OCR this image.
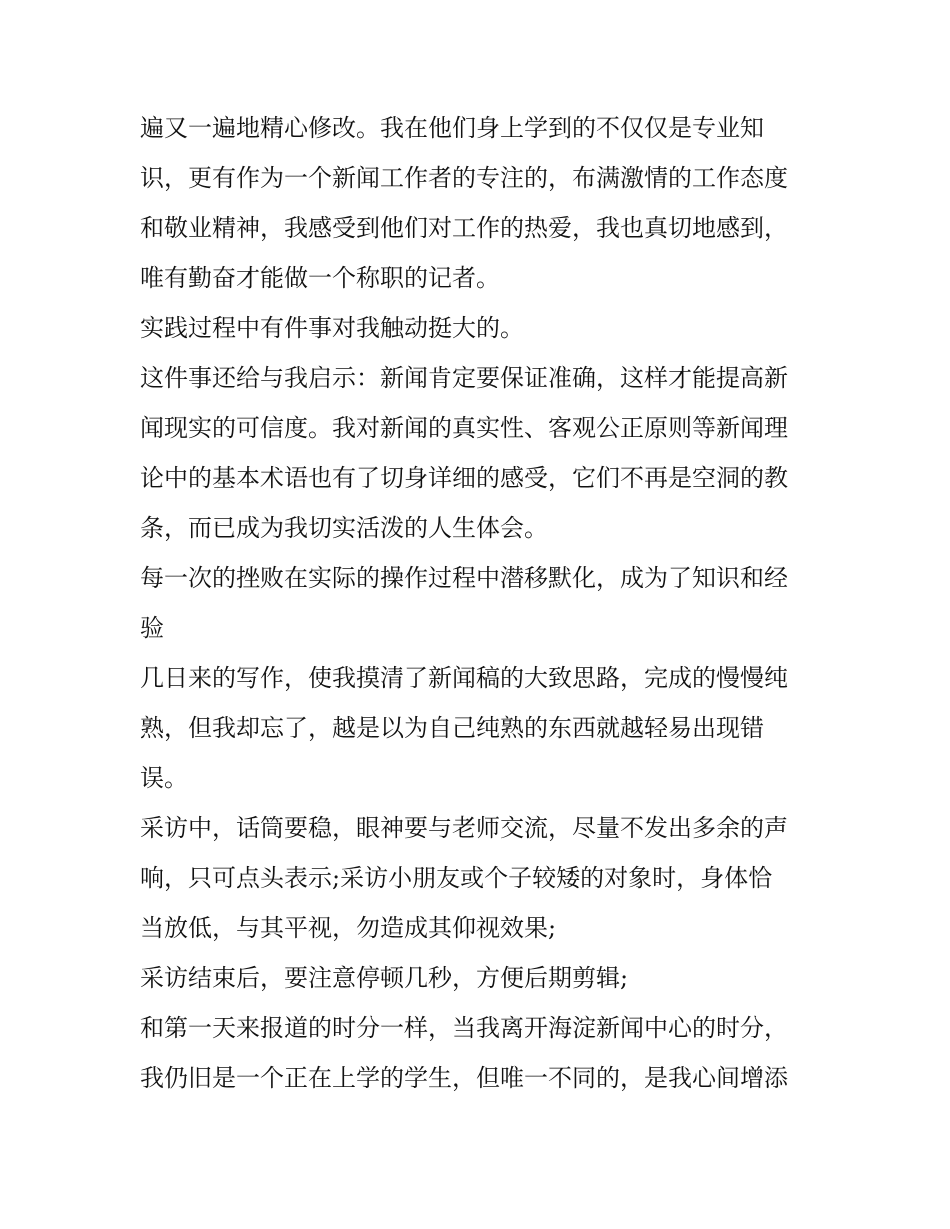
遍又一遍地精心修改。我在他们身上学到的不仅仅是专业知
识，更有作为一个新闻工作者的专注的，布满激情的工作态度
和敬业精神，我感受到他们对工作的热爱，我也真切地感到，
唯有勤奋才能做一个称职的记者。
实践过程中有件事对我触动挺大的。
这件事还给与我启示：新闻肯定要保证准确，这样才能提高新
闻现实的可信度。我对新闻的真实性、客观公正原则等新闻理
论中的基本术语也有了切身详细的感受，它们不再是空洞的教
条，而已成为我切实活泼的人生体会。
每一次的挫败在实际的操作过程中潜移默化，成为了知识和经
验
几日来的写作，使我摸清了新闻稿的大致思路，完成的慢慢纯
熟，但我却忘了，越是以为自己纯熟的东西就越轻易出现错
误。
采访中，话筒要稳，眼神要与老师交流，尽量不发出多余的声
响，只可点头表示;采访小朋友或个子较矮的对象时，身体恰
当放低，与其平视，勿造成其仰视效果;
采访结束后，要注意停顿几秒，方便后期剪辑;
和第一天来报道的时分一样，当我离开海淀新闻中心的时分，
我仍旧是一个正在上学的学生，但唯一不同的，是我心间增添
